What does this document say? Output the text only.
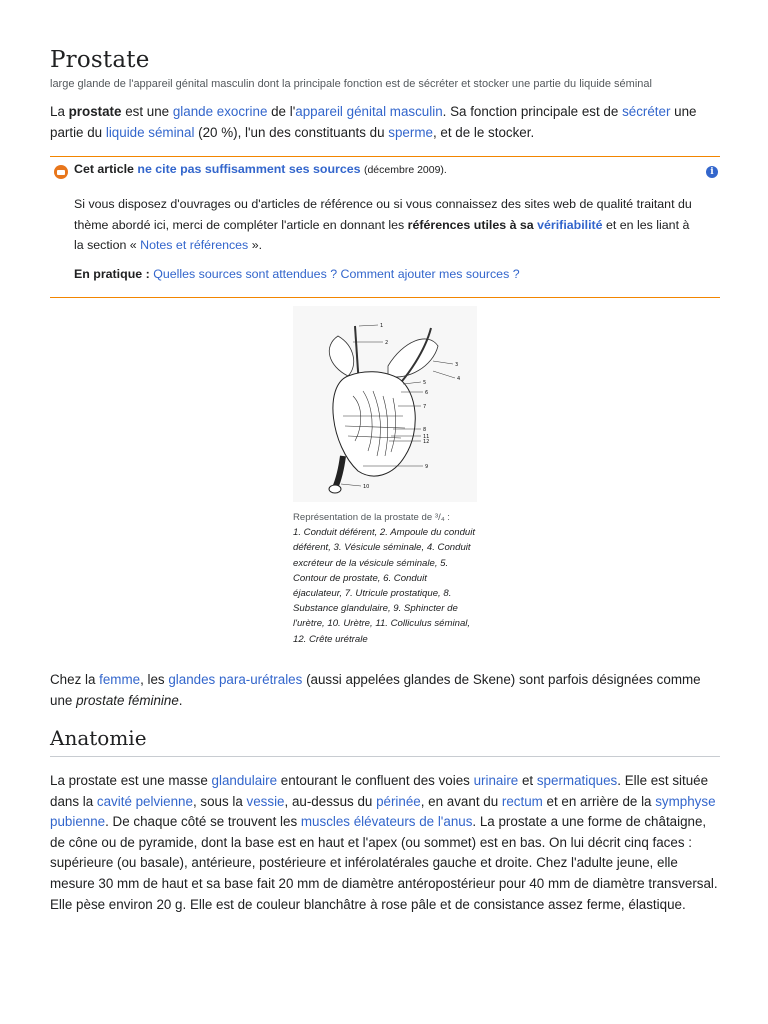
Prostate
large glande de l'appareil génital masculin dont la principale fonction est de sécréter et stocker une partie du liquide séminal

La prostate est une glande exocrine de l'appareil génital masculin. Sa fonction principale est de sécréter une partie du liquide séminal (20 %), l'un des constituants du sperme, et de le stocker.

Cet article ne cite pas suffisamment ses sources (décembre 2009).	i

Si vous disposez d'ouvrages ou d'articles de référence ou si vous connaissez des sites web de qualité traitant du thème abordé ici, merci de compléter l'article en donnant les références utiles à sa vérifiabilité et en les liant à la section « Notes et références ».

En pratique : Quelles sources sont attendues ? Comment ajouter mes sources ?
1
2
3
4
5
6
7
8
11
12
9
10
Représentation de la prostate de ³/₄ :
1. Conduit déférent, 2. Ampoule du conduit déférent, 3. Vésicule séminale, 4. Conduit excréteur de la vésicule séminale, 5. Contour de prostate, 6. Conduit éjaculateur, 7. Utricule prostatique, 8. Substance glandulaire, 9. Sphincter de l'urètre, 10. Urètre, 11. Colliculus séminal, 12. Crête urétrale

Chez la femme, les glandes para-urétrales (aussi appelées glandes de Skene) sont parfois désignées comme une prostate féminine.

Anatomie

La prostate est une masse glandulaire entourant le confluent des voies urinaire et spermatiques. Elle est située dans la cavité pelvienne, sous la vessie, au-dessus du périnée, en avant du rectum et en arrière de la symphyse pubienne. De chaque côté se trouvent les muscles élévateurs de l'anus. La prostate a une forme de châtaigne, de cône ou de pyramide, dont la base est en haut et l'apex (ou sommet) est en bas. On lui décrit cinq faces : supérieure (ou basale), antérieure, postérieure et inférolatérales gauche et droite. Chez l'adulte jeune, elle mesure 30 mm de haut et sa base fait 20 mm de diamètre antéropostérieur pour 40 mm de diamètre transversal. Elle pèse environ 20 g. Elle est de couleur blanchâtre à rose pâle et de consistance assez ferme, élastique.
